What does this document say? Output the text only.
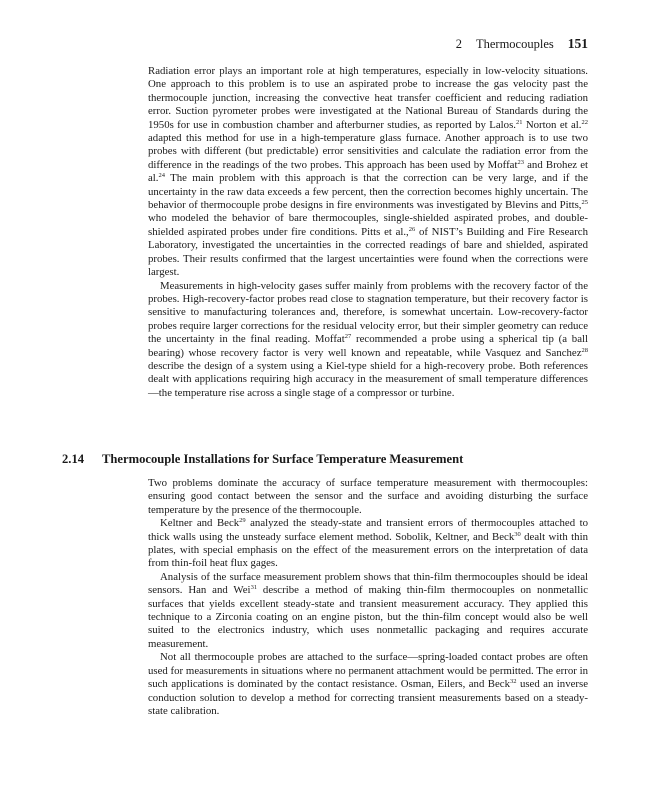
2 Thermocouples 151

Radiation error plays an important role at high temperatures, especially in low-velocity situations. One approach to this problem is to use an aspirated probe to increase the gas velocity past the thermocouple junction, increasing the convective heat transfer coefficient and reducing radiation error. Suction pyrometer probes were investigated at the National Bureau of Standards during the 1950s for use in combustion chamber and afterburner studies, as reported by Lalos.$^{21}$ Norton et al.$^{22}$ adapted this method for use in a high-temperature glass furnace. Another approach is to use two probes with different (but predictable) error sensitivities and calculate the radiation error from the difference in the readings of the two probes. This approach has been used by Moffat$^{23}$ and Brohez et al.$^{24}$ The main problem with this approach is that the correction can be very large, and if the uncertainty in the raw data exceeds a few percent, then the correction becomes highly uncertain. The behavior of thermocouple probe designs in fire environments was investigated by Blevins and Pitts,$^{25}$ who modeled the behavior of bare thermocouples, single-shielded aspirated probes, and double-shielded aspirated probes under fire conditions. Pitts et al.,$^{26}$ of NIST’s Building and Fire Research Laboratory, investigated the uncertainties in the corrected readings of bare and shielded, aspirated probes. Their results confirmed that the largest uncertainties were found when the corrections were largest.

Measurements in high-velocity gases suffer mainly from problems with the recovery factor of the probes. High-recovery-factor probes read close to stagnation temperature, but their recovery factor is sensitive to manufacturing tolerances and, therefore, is somewhat uncertain. Low-recovery-factor probes require larger corrections for the residual velocity error, but their simpler geometry can reduce the uncertainty in the final reading. Moffat$^{27}$ recommended a probe using a spherical tip (a ball bearing) whose recovery factor is very well known and repeatable, while Vasquez and Sanchez$^{28}$ describe the design of a system using a Kiel-type shield for a high-recovery probe. Both references dealt with applications requiring high accuracy in the measurement of small temperature differences—the temperature rise across a single stage of a compressor or turbine.

2.14 Thermocouple Installations for Surface Temperature Measurement

Two problems dominate the accuracy of surface temperature measurement with thermocouples: ensuring good contact between the sensor and the surface and avoiding disturbing the surface temperature by the presence of the thermocouple.

Keltner and Beck$^{29}$ analyzed the steady-state and transient errors of thermocouples attached to thick walls using the unsteady surface element method. Sobolik, Keltner, and Beck$^{30}$ dealt with thin plates, with special emphasis on the effect of the measurement errors on the interpretation of data from thin-foil heat flux gages.

Analysis of the surface measurement problem shows that thin-film thermocouples should be ideal sensors. Han and Wei$^{31}$ describe a method of making thin-film thermocouples on nonmetallic surfaces that yields excellent steady-state and transient measurement accuracy. They applied this technique to a Zirconia coating on an engine piston, but the thin-film concept would also be well suited to the electronics industry, which uses nonmetallic packaging and requires accurate measurement.

Not all thermocouple probes are attached to the surface—spring-loaded contact probes are often used for measurements in situations where no permanent attachment would be permitted. The error in such applications is dominated by the contact resistance. Osman, Eilers, and Beck$^{32}$ used an inverse conduction solution to develop a method for correcting transient measurements based on a steady-state calibration.
